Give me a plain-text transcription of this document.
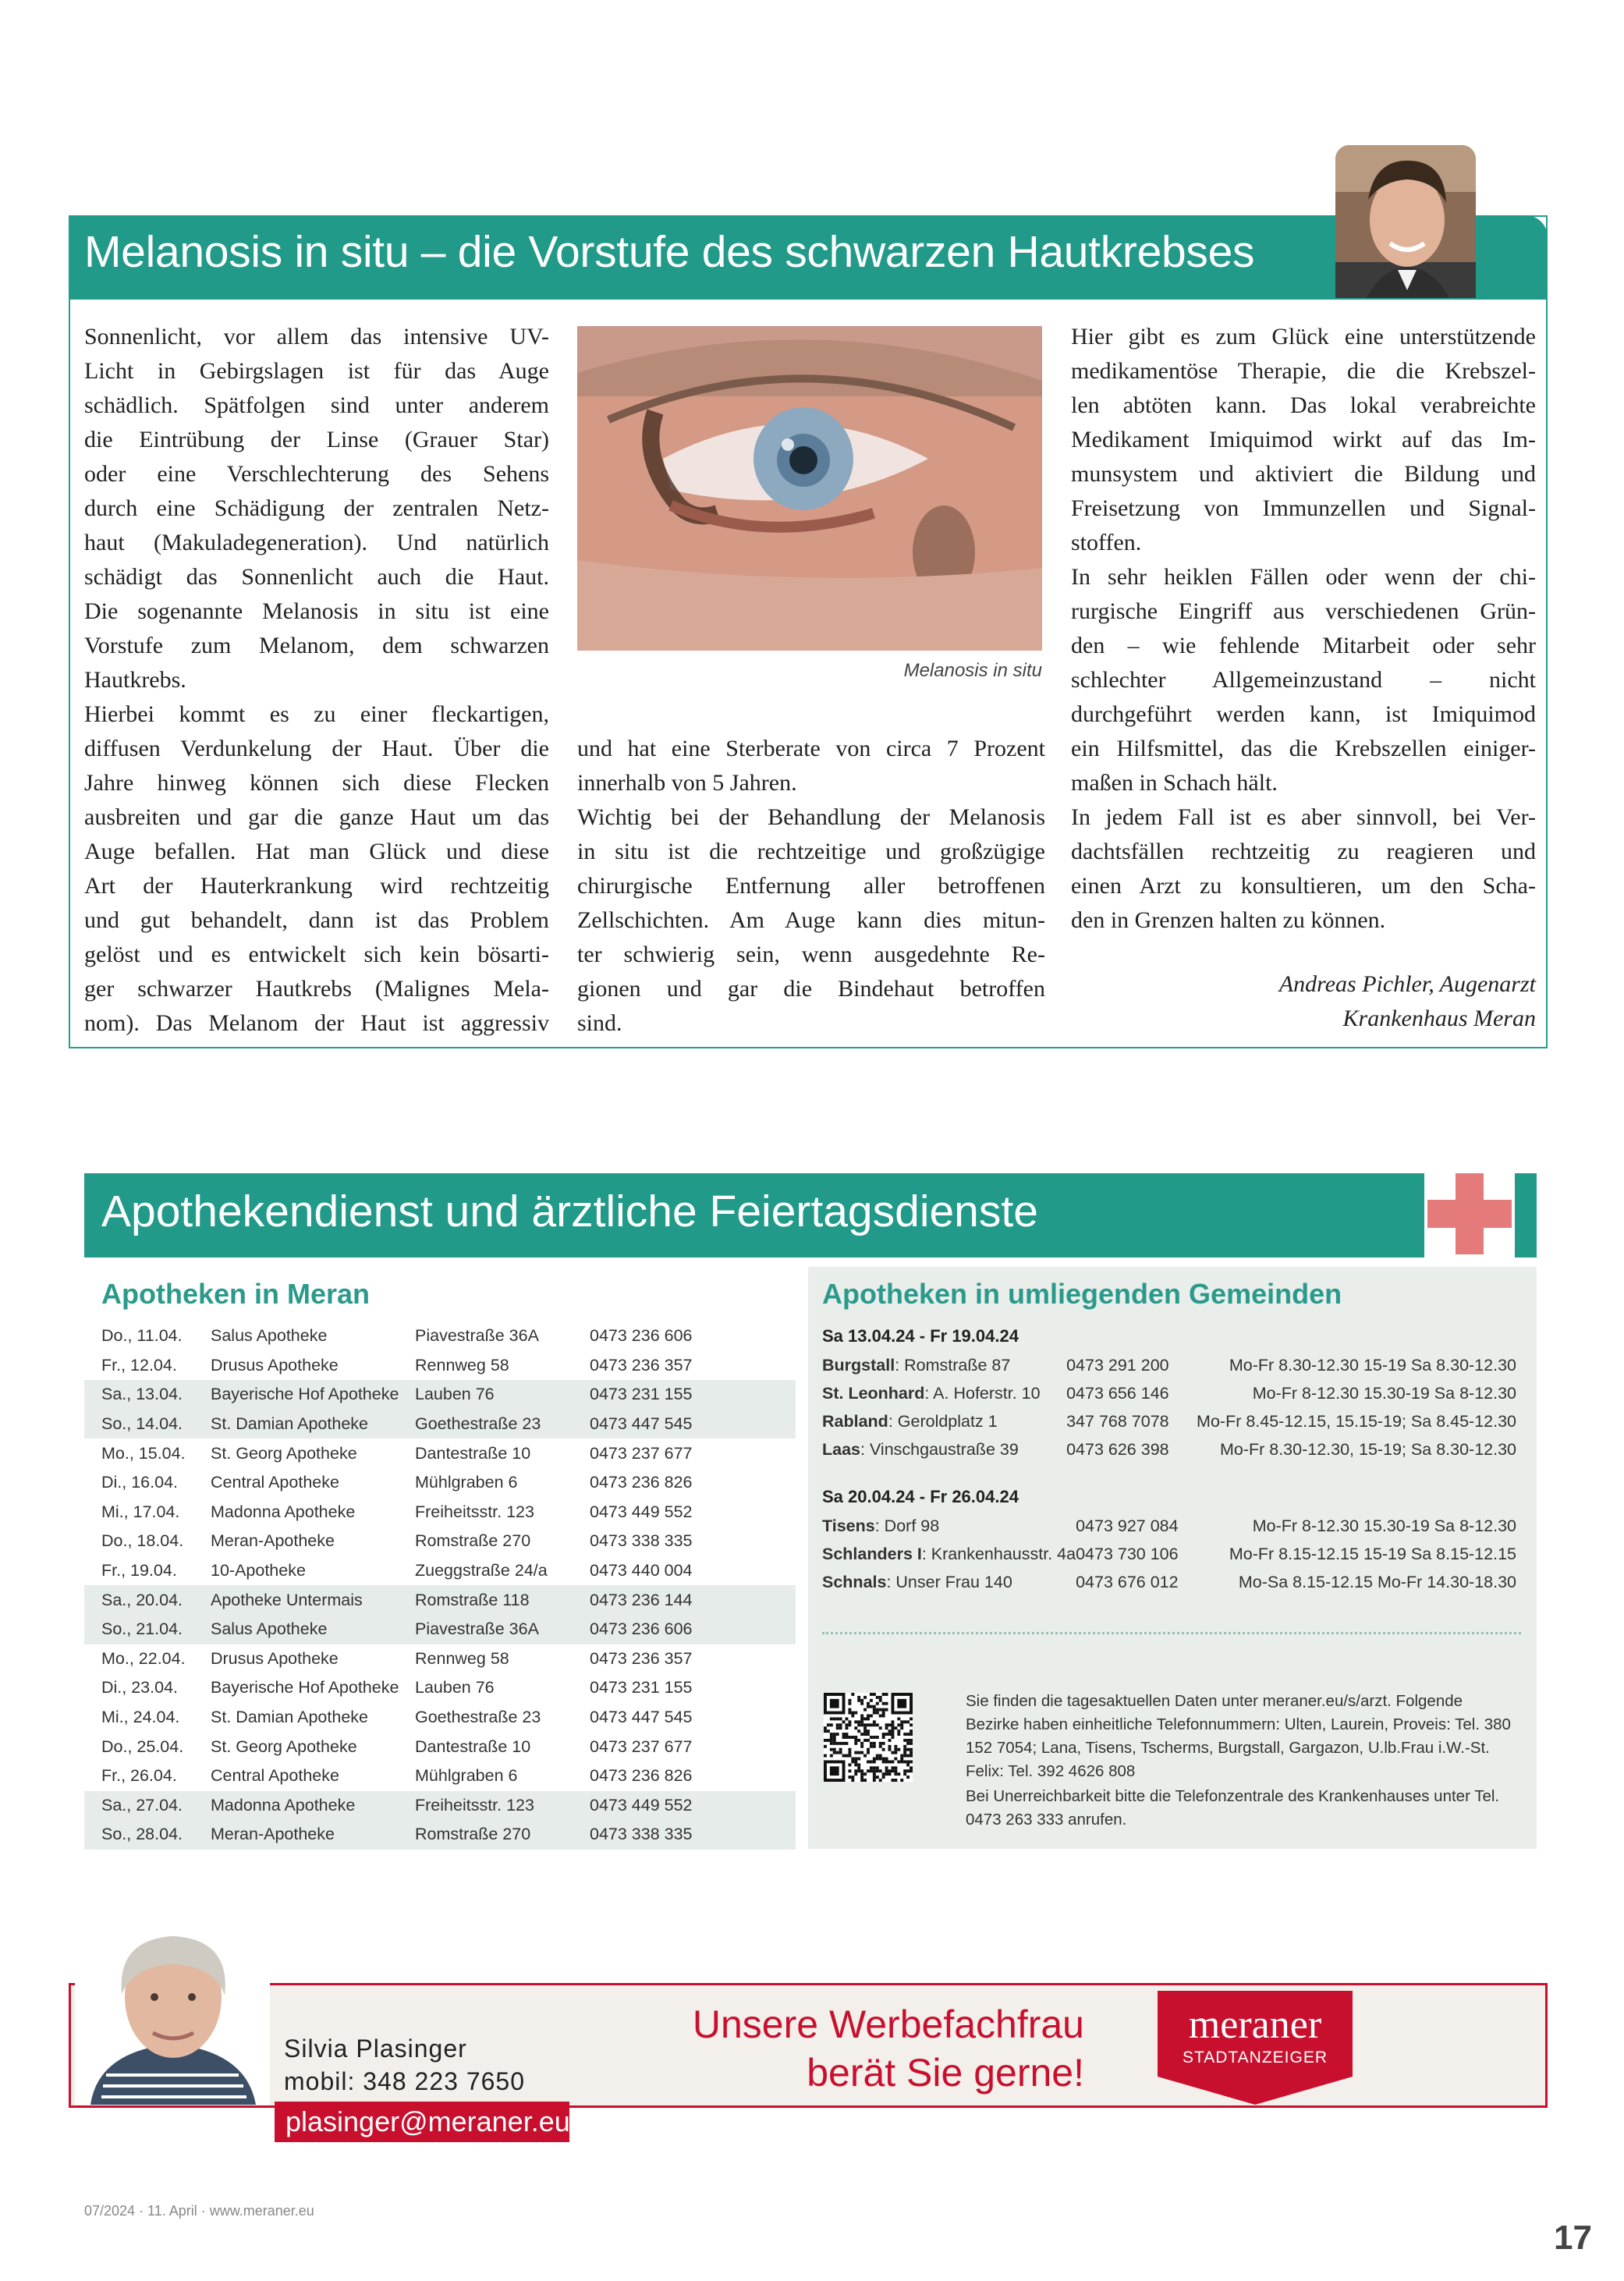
Melanosis in situ – die Vorstufe des schwarzen Hautkrebses

Sonnenlicht, vor allem das intensive UV-

Licht in Gebirgslagen ist für das Auge

schädlich. Spätfolgen sind unter anderem

die Eintrübung der Linse (Grauer Star)

oder eine Verschlechterung des Sehens

durch eine Schädigung der zentralen Netz-

haut (Makuladegeneration). Und natürlich

schädigt das Sonnenlicht auch die Haut.

Die sogenannte Melanosis in situ ist eine

Vorstufe zum Melanom, dem schwarzen

Hautkrebs.

Hierbei kommt es zu einer fleckartigen,

diffusen Verdunkelung der Haut. Über die

Jahre hinweg können sich diese Flecken

ausbreiten und gar die ganze Haut um das

Auge befallen. Hat man Glück und diese

Art der Hauterkrankung wird rechtzeitig

und gut behandelt, dann ist das Problem

gelöst und es entwickelt sich kein bösarti-

ger schwarzer Hautkrebs (Malignes Mela-

nom). Das Melanom der Haut ist aggressiv

Melanosis in situ

und hat eine Sterberate von circa 7 Prozent

innerhalb von 5 Jahren.

Wichtig bei der Behandlung der Melanosis

in situ ist die rechtzeitige und großzügige

chirurgische Entfernung aller betroffenen

Zellschichten. Am Auge kann dies mitun-

ter schwierig sein, wenn ausgedehnte Re-

gionen und gar die Bindehaut betroffen

sind.

Hier gibt es zum Glück eine unterstützende

medikamentöse Therapie, die die Krebszel-

len abtöten kann. Das lokal verabreichte

Medikament Imiquimod wirkt auf das Im-

munsystem und aktiviert die Bildung und

Freisetzung von Immunzellen und Signal-

stoffen.

In sehr heiklen Fällen oder wenn der chi-

rurgische Eingriff aus verschiedenen Grün-

den – wie fehlende Mitarbeit oder sehr

schlechter Allgemeinzustand – nicht

durchgeführt werden kann, ist Imiquimod

ein Hilfsmittel, das die Krebszellen einiger-

maßen in Schach hält.

In jedem Fall ist es aber sinnvoll, bei Ver-

dachtsfällen rechtzeitig zu reagieren und

einen Arzt zu konsultieren, um den Scha-

den in Grenzen halten zu können.

Andreas Pichler, Augenarzt
Krankenhaus Meran
Apothekendienst und ärztliche Feiertagsdienste
Apotheken in Meran
Do., 11.04.	Salus Apotheke	Piavestraße 36A	0473 236 606
Fr., 12.04.	Drusus Apotheke	Rennweg 58	0473 236 357
Sa., 13.04.	Bayerische Hof Apotheke	Lauben 76	0473 231 155
So., 14.04.	St. Damian Apotheke	Goethestraße 23	0473 447 545
Mo., 15.04.	St. Georg Apotheke	Dantestraße 10	0473 237 677
Di., 16.04.	Central Apotheke	Mühlgraben 6	0473 236 826
Mi., 17.04.	Madonna Apotheke	Freiheitsstr. 123	0473 449 552
Do., 18.04.	Meran-Apotheke	Romstraße 270	0473 338 335
Fr., 19.04.	10-Apotheke	Zueggstraße 24/a	0473 440 004
Sa., 20.04.	Apotheke Untermais	Romstraße 118	0473 236 144
So., 21.04.	Salus Apotheke	Piavestraße 36A	0473 236 606
Mo., 22.04.	Drusus Apotheke	Rennweg 58	0473 236 357
Di., 23.04.	Bayerische Hof Apotheke	Lauben 76	0473 231 155
Mi., 24.04.	St. Damian Apotheke	Goethestraße 23	0473 447 545
Do., 25.04.	St. Georg Apotheke	Dantestraße 10	0473 237 677
Fr., 26.04.	Central Apotheke	Mühlgraben 6	0473 236 826
Sa., 27.04.	Madonna Apotheke	Freiheitsstr. 123	0473 449 552
So., 28.04.	Meran-Apotheke	Romstraße 270	0473 338 335
Apotheken in umliegenden Gemeinden
Sa 13.04.24 - Fr 19.04.24
Burgstall: Romstraße 87	0473 291 200	Mo-Fr 8.30-12.30 15-19 Sa 8.30-12.30
St. Leonhard: A. Hoferstr. 10	0473 656 146	Mo-Fr 8-12.30 15.30-19 Sa 8-12.30
Rabland: Geroldplatz 1	347 768 7078	Mo-Fr 8.45-12.15, 15.15-19; Sa 8.45-12.30
Laas: Vinschgaustraße 39	0473 626 398	Mo-Fr 8.30-12.30, 15-19; Sa 8.30-12.30
Sa 20.04.24 - Fr 26.04.24
Tisens: Dorf 98	0473 927 084	Mo-Fr 8-12.30 15.30-19 Sa 8-12.30
Schlanders I: Krankenhausstr. 4a	0473 730 106	Mo-Fr 8.15-12.15 15-19 Sa 8.15-12.15
Schnals: Unser Frau 140	0473 676 012	Mo-Sa 8.15-12.15 Mo-Fr 14.30-18.30
Sie finden die tagesaktuellen Daten unter meraner.eu/s/arzt. Folgende Bezirke haben einheitliche Telefonnummern: Ulten, Laurein, Proveis: Tel. 380 152 7054; Lana, Tisens, Tscherms, Burgstall, Gargazon, U.lb.Frau i.W.-St. Felix: Tel. 392 4626 808
Bei Unerreichbarkeit bitte die Telefonzentrale des Krankenhauses unter Tel. 0473 263 333 anrufen.
Silvia Plasinger
mobil: 348 223 7650
plasinger@meraner.eu
Unsere Werbefachfrau
berät Sie gerne!
meraner
STADTANZEIGER
07/2024 · 11. April · www.meraner.eu
17
